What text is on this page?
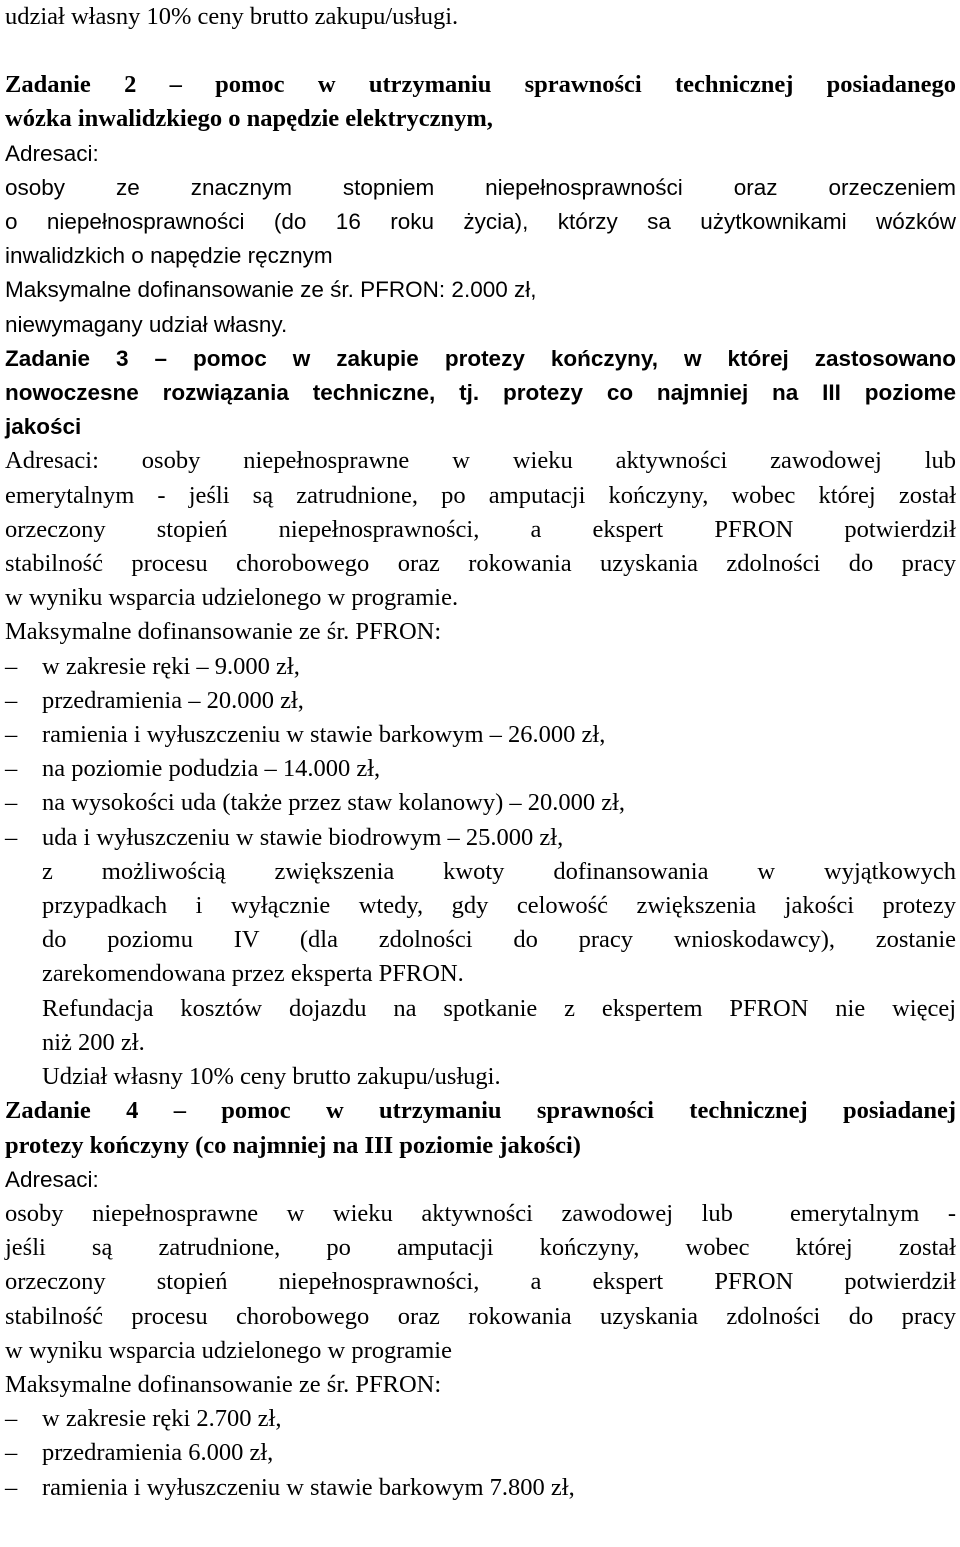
udział własny 10% ceny brutto zakupu/usługi.
Zadanie 2 – pomoc w utrzymaniu sprawności technicznej posiadanego
wózka inwalidzkiego o napędzie elektrycznym,
Adresaci:
osoby ze znacznym stopniem niepełnosprawności oraz orzeczeniem
o niepełnosprawności (do 16 roku życia), którzy sa użytkownikami wózków
inwalidzkich o napędzie ręcznym
Maksymalne dofinansowanie ze śr. PFRON: 2.000 zł,
niewymagany udział własny.
Zadanie 3 – pomoc w zakupie protezy kończyny, w której zastosowano
nowoczesne rozwiązania techniczne, tj. protezy co najmniej na III poziome
jakości
Adresaci: osoby niepełnosprawne w wieku aktywności zawodowej lub
emerytalnym - jeśli są zatrudnione, po amputacji kończyny, wobec której został
orzeczony stopień niepełnosprawności, a ekspert PFRON potwierdził
stabilność procesu chorobowego oraz rokowania uzyskania zdolności do pracy
w wyniku wsparcia udzielonego w programie.
Maksymalne dofinansowanie ze śr. PFRON:
–	w zakresie ręki – 9.000 zł,
–	przedramienia – 20.000 zł,
–	ramienia i wyłuszczeniu w stawie barkowym – 26.000 zł,
–	na poziomie podudzia – 14.000 zł,
–	na wysokości uda (także przez staw kolanowy) – 20.000 zł,
–	uda i wyłuszczeniu w stawie biodrowym – 25.000 zł,
z możliwością zwiększenia kwoty dofinansowania w wyjątkowych
przypadkach i wyłącznie wtedy, gdy celowość zwiększenia jakości protezy
do poziomu IV (dla zdolności do pracy wnioskodawcy), zostanie
zarekomendowana przez eksperta PFRON.
Refundacja kosztów dojazdu na spotkanie z ekspertem PFRON nie więcej
niż 200 zł.
Udział własny 10% ceny brutto zakupu/usługi.
Zadanie 4 – pomoc w utrzymaniu sprawności technicznej posiadanej
protezy kończyny (co najmniej na III poziomie jakości)
Adresaci:
osoby niepełnosprawne w wieku aktywności zawodowej lub  emerytalnym -
jeśli są zatrudnione, po amputacji kończyny, wobec której został
orzeczony stopień niepełnosprawności, a ekspert PFRON potwierdził
stabilność procesu chorobowego oraz rokowania uzyskania zdolności do pracy
w wyniku wsparcia udzielonego w programie
Maksymalne dofinansowanie ze śr. PFRON:
–	w zakresie ręki 2.700 zł,
–	przedramienia 6.000 zł,
–	ramienia i wyłuszczeniu w stawie barkowym 7.800 zł,
